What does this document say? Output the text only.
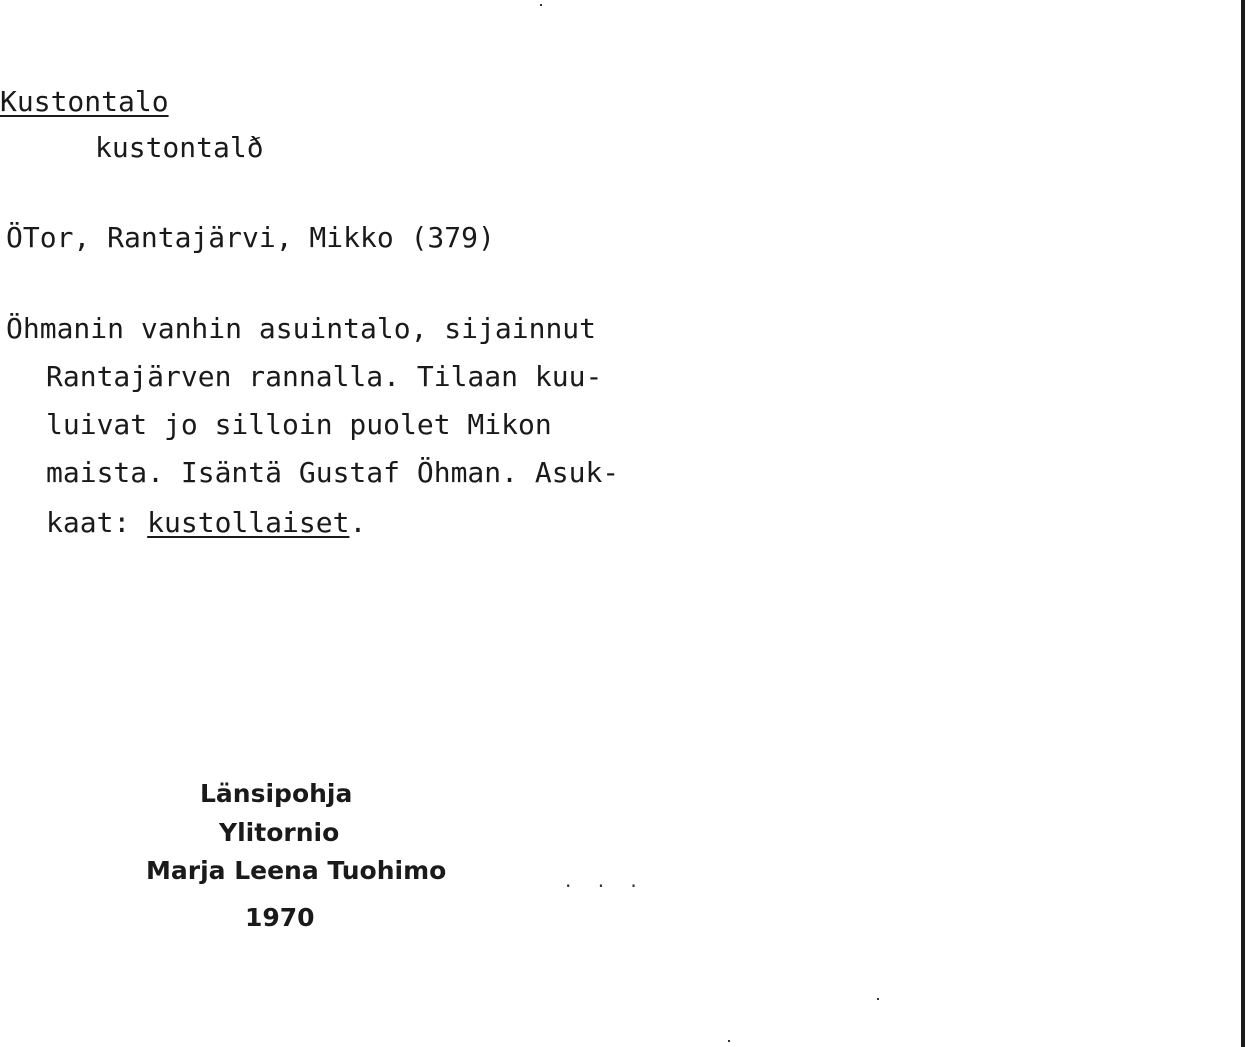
Kustontalo
kustontalð
ÖTor, Rantajärvi, Mikko (379)
Öhmanin vanhin asuintalo, sijainnut
Rantajärven rannalla. Tilaan kuu-
luivat jo silloin puolet Mikon
maista. Isäntä Gustaf Öhman. Asuk-
kaat: kustollaiset.
Länsipohja
Ylitornio
Marja Leena Tuohimo
1970
. . .
